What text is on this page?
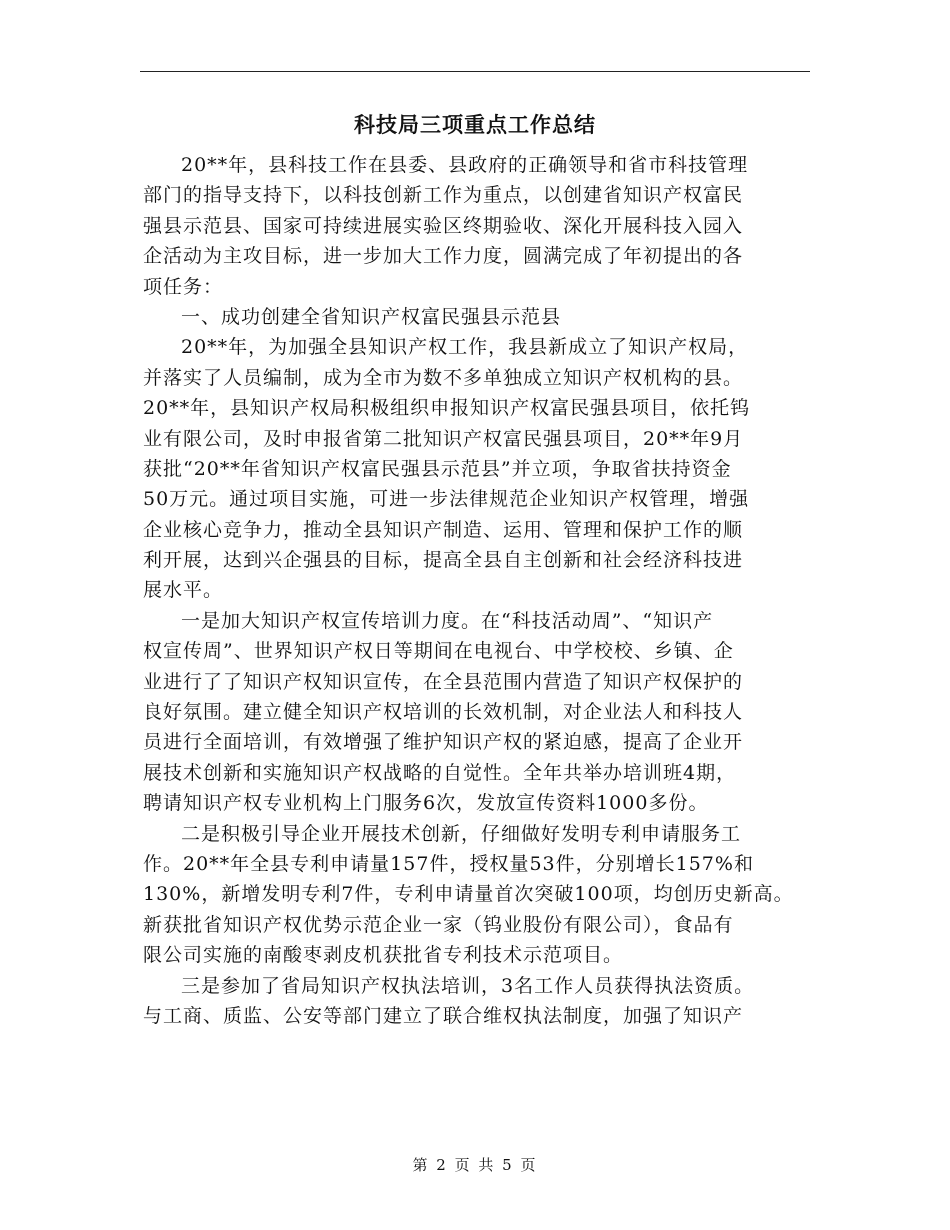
科技局三项重点工作总结
20**年，县科技工作在县委、县政府的正确领导和省市科技管理
部门的指导支持下，以科技创新工作为重点，以创建省知识产权富民
强县示范县、国家可持续进展实验区终期验收、深化开展科技入园入
企活动为主攻目标，进一步加大工作力度，圆满完成了年初提出的各
项任务：
一、成功创建全省知识产权富民强县示范县
20**年，为加强全县知识产权工作，我县新成立了知识产权局，
并落实了人员编制，成为全市为数不多单独成立知识产权机构的县。
20**年，县知识产权局积极组织申报知识产权富民强县项目，依托钨
业有限公司，及时申报省第二批知识产权富民强县项目，20**年9月
获批“20**年省知识产权富民强县示范县”并立项，争取省扶持资金
50万元。通过项目实施，可进一步法律规范企业知识产权管理，增强
企业核心竞争力，推动全县知识产制造、运用、管理和保护工作的顺
利开展，达到兴企强县的目标，提高全县自主创新和社会经济科技进
展水平。
一是加大知识产权宣传培训力度。在“科技活动周”、“知识产
权宣传周”、世界知识产权日等期间在电视台、中学校校、乡镇、企
业进行了了知识产权知识宣传，在全县范围内营造了知识产权保护的
良好氛围。建立健全知识产权培训的长效机制，对企业法人和科技人
员进行全面培训，有效增强了维护知识产权的紧迫感，提高了企业开
展技术创新和实施知识产权战略的自觉性。全年共举办培训班4期，
聘请知识产权专业机构上门服务6次，发放宣传资料1000多份。
二是积极引导企业开展技术创新，仔细做好发明专利申请服务工
作。20**年全县专利申请量157件，授权量53件，分别增长157%和
130%，新增发明专利7件，专利申请量首次突破100项，均创历史新高。
新获批省知识产权优势示范企业一家（钨业股份有限公司），食品有
限公司实施的南酸枣剥皮机获批省专利技术示范项目。
三是参加了省局知识产权执法培训，3名工作人员获得执法资质。
与工商、质监、公安等部门建立了联合维权执法制度，加强了知识产
第 2 页 共 5 页
